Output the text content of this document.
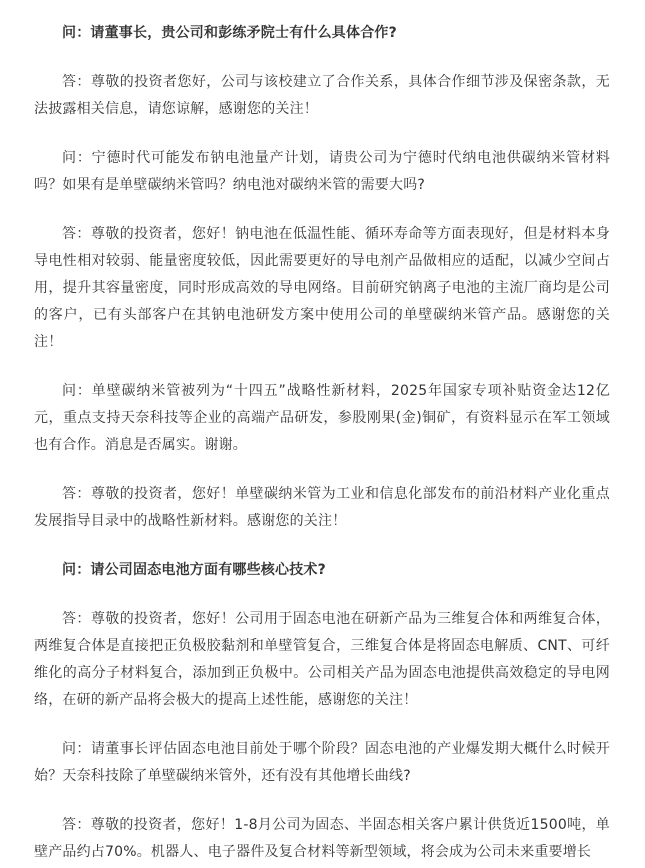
问：请董事长，贵公司和彭练矛院士有什么具体合作?

答：尊敬的投资者您好，公司与该校建立了合作关系，具体合作细节涉及保密条款，无法披露相关信息，请您谅解，感谢您的关注！

问：宁德时代可能发布钠电池量产计划，请贵公司为宁德时代纳电池供碳纳米管材料吗？如果有是单壁碳纳米管吗？纳电池对碳纳米管的需要大吗?

答：尊敬的投资者，您好！钠电池在低温性能、循环寿命等方面表现好，但是材料本身导电性相对较弱、能量密度较低，因此需要更好的导电剂产品做相应的适配，以减少空间占用，提升其容量密度，同时形成高效的导电网络。目前研究钠离子电池的主流厂商均是公司的客户，已有头部客户在其钠电池研发方案中使用公司的单壁碳纳米管产品。感谢您的关注！

问：单壁碳纳米管被列为“十四五”战略性新材料，2025年国家专项补贴资金达12亿元，重点支持天奈科技等企业的高端产品研发，参股刚果(金)铜矿，有资料显示在军工领域也有合作。消息是否属实。谢谢。

答：尊敬的投资者，您好！单壁碳纳米管为工业和信息化部发布的前沿材料产业化重点发展指导目录中的战略性新材料。感谢您的关注！

问：请公司固态电池方面有哪些核心技术?

答：尊敬的投资者，您好！公司用于固态电池在研新产品为三维复合体和两维复合体，两维复合体是直接把正负极胶黏剂和单壁管复合，三维复合体是将固态电解质、CNT、可纤维化的高分子材料复合，添加到正负极中。公司相关产品为固态电池提供高效稳定的导电网络，在研的新产品将会极大的提高上述性能，感谢您的关注！

问：请董事长评估固态电池目前处于哪个阶段？固态电池的产业爆发期大概什么时候开始？天奈科技除了单壁碳纳米管外，还有没有其他增长曲线?

答：尊敬的投资者，您好！1-8月公司为固态、半固态相关客户累计供货近1500吨，单壁产品约占70%。机器人、电子器件及复合材料等新型领域，将会成为公司未来重要增长
